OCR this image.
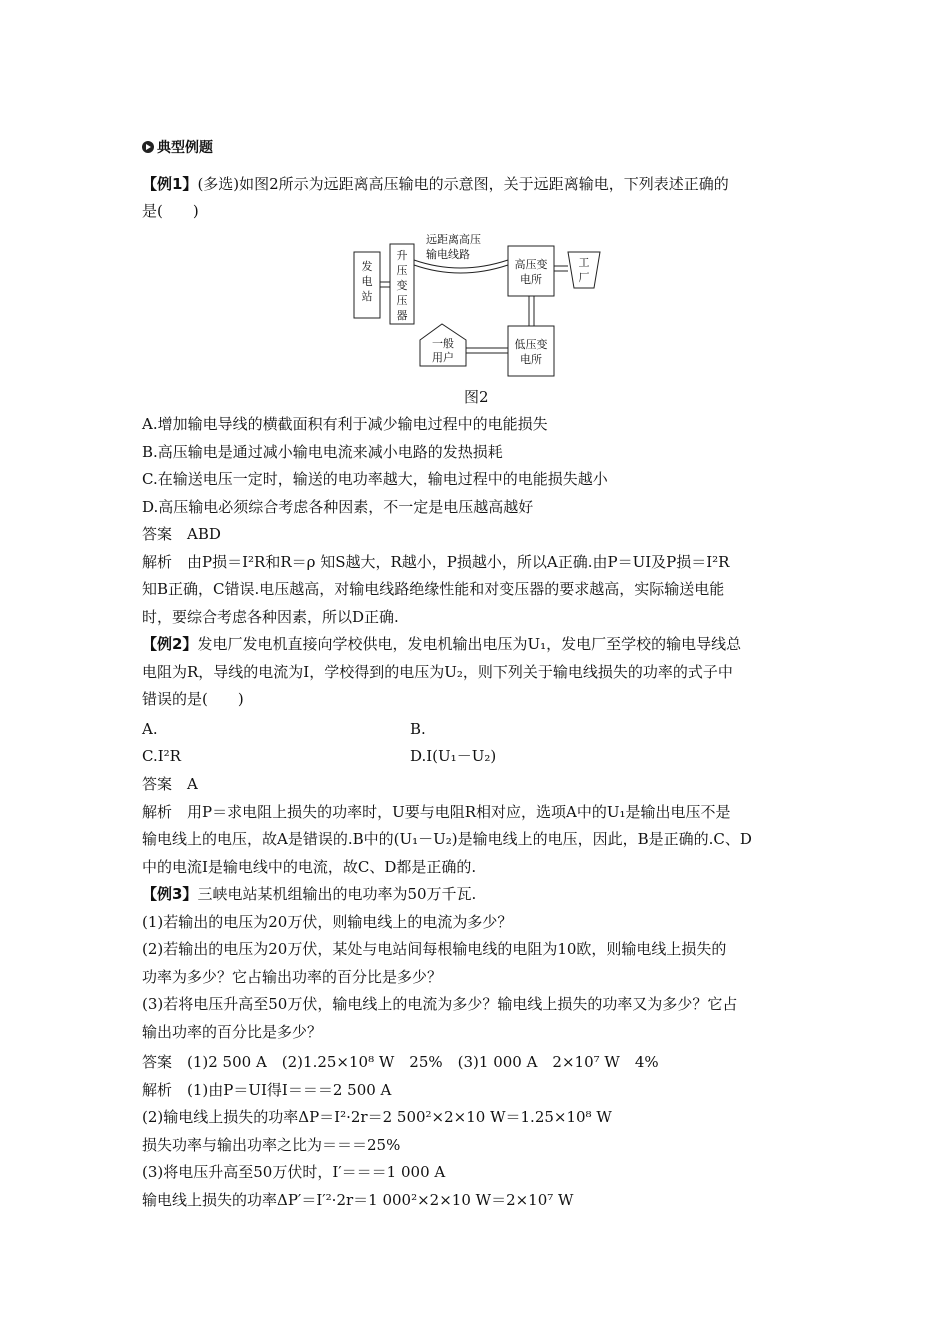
典型例题
【例1】(多选)如图2所示为远距离高压输电的示意图，关于远距离输电，下列表述正确的
是(　　)
发
电
站
升
压
变
压
器
远距离高压
输电线路
高压变
电所
工
厂
低压变
电所
一般
用户
图2
A.增加输电导线的横截面积有利于减少输电过程中的电能损失
B.高压输电是通过减小输电电流来减小电路的发热损耗
C.在输送电压一定时，输送的电功率越大，输电过程中的电能损失越小
D.高压输电必须综合考虑各种因素，不一定是电压越高越好
答案　ABD
解析　由P损＝I²R和R＝ρ 知S越大，R越小，P损越小，所以A正确.由P＝UI及P损＝I²R
知B正确，C错误.电压越高，对输电线路绝缘性能和对变压器的要求越高，实际输送电能
时，要综合考虑各种因素，所以D正确.
【例2】发电厂发电机直接向学校供电，发电机输出电压为U₁，发电厂至学校的输电导线总
电阻为R，导线的电流为I，学校得到的电压为U₂，则下列关于输电线损失的功率的式子中
错误的是(　　)
A.	B.
C.I²R	D.I(U₁－U₂)
答案　A
解析　用P＝求电阻上损失的功率时，U要与电阻R相对应，选项A中的U₁是输出电压不是
输电线上的电压，故A是错误的.B中的(U₁－U₂)是输电线上的电压，因此，B是正确的.C、D
中的电流I是输电线中的电流，故C、D都是正确的.
【例3】三峡电站某机组输出的电功率为50万千瓦.
(1)若输出的电压为20万伏，则输电线上的电流为多少？
(2)若输出的电压为20万伏，某处与电站间每根输电线的电阻为10欧，则输电线上损失的
功率为多少？它占输出功率的百分比是多少？
(3)若将电压升高至50万伏，输电线上的电流为多少？输电线上损失的功率又为多少？它占
输出功率的百分比是多少？
答案　(1)2 500 A　(2)1.25×10⁸ W　25%　(3)1 000 A　2×10⁷ W　4%
解析　(1)由P＝UI得I＝＝＝2 500 A
(2)输电线上损失的功率ΔP＝I²·2r＝2 500²×2×10 W＝1.25×10⁸ W
损失功率与输出功率之比为＝＝＝25%
(3)将电压升高至50万伏时，I′＝＝＝1 000 A
输电线上损失的功率ΔP′＝I′²·2r＝1 000²×2×10 W＝2×10⁷ W
